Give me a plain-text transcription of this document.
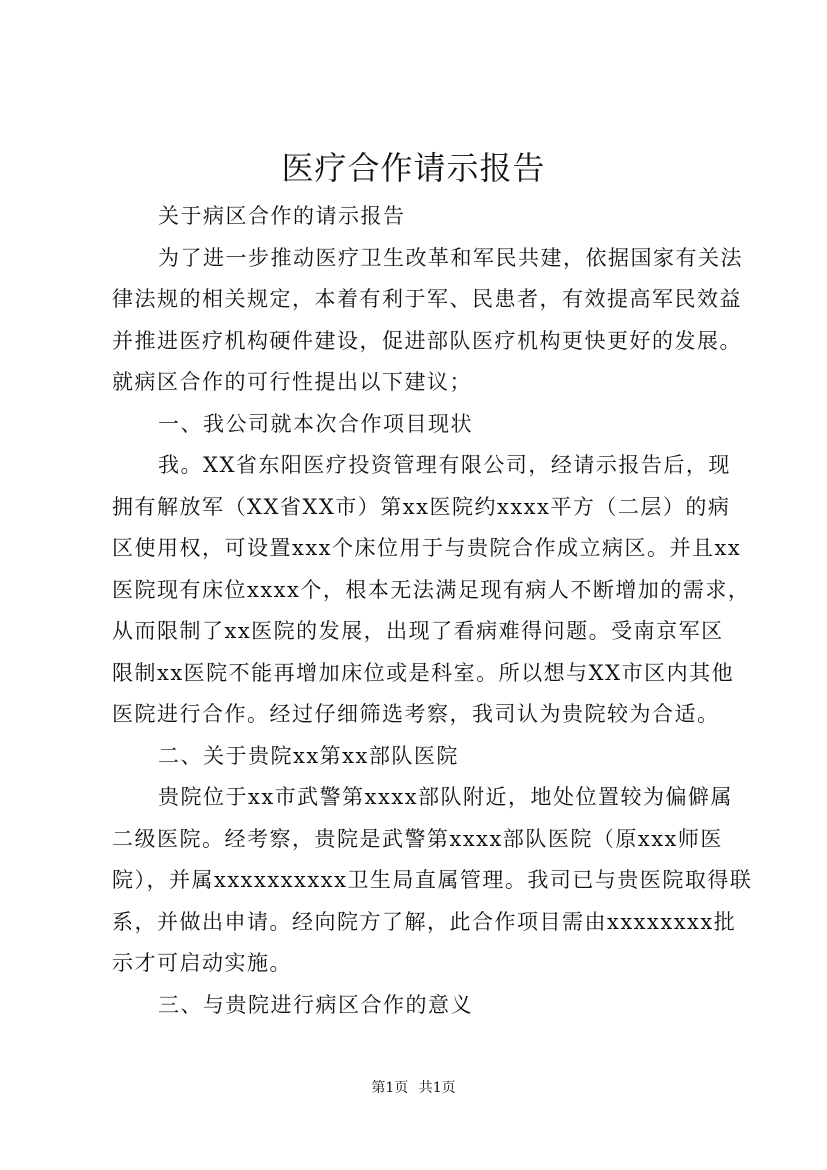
医疗合作请示报告
关于病区合作的请示报告
为了进一步推动医疗卫生改革和军民共建，依据国家有关法
律法规的相关规定，本着有利于军、民患者，有效提高军民效益
并推进医疗机构硬件建设，促进部队医疗机构更快更好的发展。
就病区合作的可行性提出以下建议；
一、我公司就本次合作项目现状
我。XX省东阳医疗投资管理有限公司，经请示报告后，现
拥有解放军（XX省XX市）第xx医院约xxxx平方（二层）的病
区使用权，可设置xxx个床位用于与贵院合作成立病区。并且xx
医院现有床位xxxx个，根本无法满足现有病人不断增加的需求，
从而限制了xx医院的发展，出现了看病难得问题。受南京军区
限制xx医院不能再增加床位或是科室。所以想与XX市区内其他
医院进行合作。经过仔细筛选考察，我司认为贵院较为合适。
二、关于贵院xx第xx部队医院
贵院位于xx市武警第xxxx部队附近，地处位置较为偏僻属
二级医院。经考察，贵院是武警第xxxx部队医院（原xxx师医
院），并属xxxxxxxxxx卫生局直属管理。我司已与贵医院取得联
系，并做出申请。经向院方了解，此合作项目需由xxxxxxxx批
示才可启动实施。
三、与贵院进行病区合作的意义
第1页 共1页
